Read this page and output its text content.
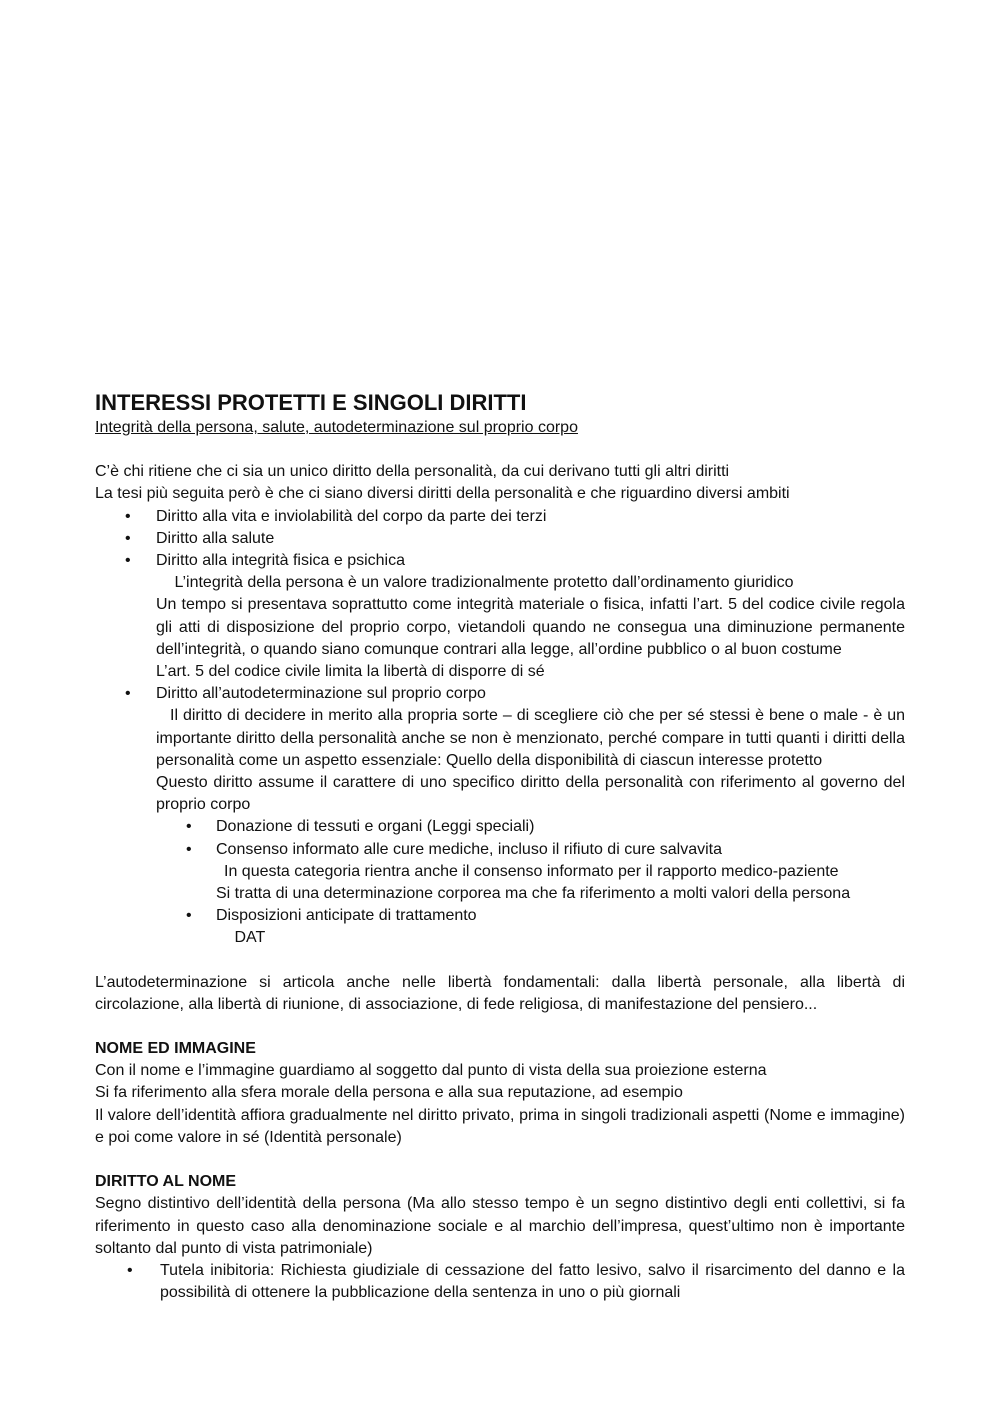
INTERESSI PROTETTI E SINGOLI DIRITTI

Integrità della persona, salute, autodeterminazione sul proprio corpo

C’è chi ritiene che ci sia un unico diritto della personalità, da cui derivano tutti gli altri diritti

La tesi più seguita però è che ci siano diversi diritti della personalità e che riguardino diversi ambiti

• Diritto alla vita e inviolabilità del corpo da parte dei terzi
• Diritto alla salute

• Diritto alla integrità fisica e psichica

L’integrità della persona è un valore tradizionalmente protetto dall’ordinamento giuridico

Un tempo si presentava soprattutto come integrità materiale o fisica, infatti l’art. 5 del codice civile regola gli atti di disposizione del proprio corpo, vietandoli quando ne consegua una diminuzione permanente dell’integrità, o quando siano comunque contrari alla legge, all’ordine pubblico o al buon costume

L’art. 5 del codice civile limita la libertà di disporre di sé

• Diritto all’autodeterminazione sul proprio corpo

Il diritto di decidere in merito alla propria sorte – di scegliere ciò che per sé stessi è bene o male - è un importante diritto della personalità anche se non è menzionato, perché compare in tutti quanti i diritti della personalità come un aspetto essenziale: Quello della disponibilità di ciascun interesse protetto

Questo diritto assume il carattere di uno specifico diritto della personalità con riferimento al governo del proprio corpo

• Donazione di tessuti e organi (Leggi speciali)

• Consenso informato alle cure mediche, incluso il rifiuto di cure salvavita

In questa categoria rientra anche il consenso informato per il rapporto medico-paziente

Si tratta di una determinazione corporea ma che fa riferimento a molti valori della persona

• Disposizioni anticipate di trattamento

DAT

L’autodeterminazione si articola anche nelle libertà fondamentali: dalla libertà personale, alla libertà di circolazione, alla libertà di riunione, di associazione, di fede religiosa, di manifestazione del pensiero...

NOME ED IMMAGINE

Con il nome e l’immagine guardiamo al soggetto dal punto di vista della sua proiezione esterna

Si fa riferimento alla sfera morale della persona e alla sua reputazione, ad esempio

Il valore dell’identità affiora gradualmente nel diritto privato, prima in singoli tradizionali aspetti (Nome e immagine) e poi come valore in sé (Identità personale)

DIRITTO AL NOME

Segno distintivo dell’identità della persona (Ma allo stesso tempo è un segno distintivo degli enti collettivi, si fa riferimento in questo caso alla denominazione sociale e al marchio dell’impresa, quest’ultimo non è importante soltanto dal punto di vista patrimoniale)

• Tutela inibitoria: Richiesta giudiziale di cessazione del fatto lesivo, salvo il risarcimento del danno e la possibilità di ottenere la pubblicazione della sentenza in uno o più giornali
